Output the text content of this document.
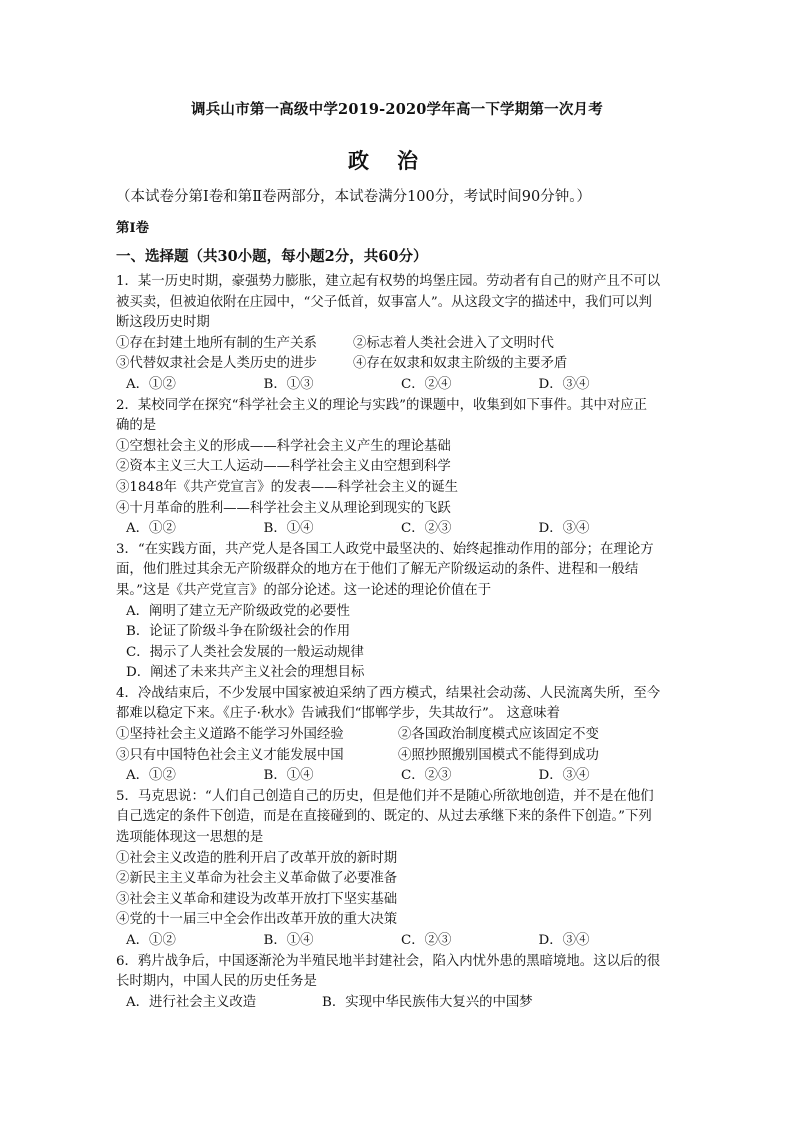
调兵山市第一高级中学2019-2020学年高一下学期第一次月考
政治
（本试卷分第Ⅰ卷和第Ⅱ卷两部分，本试卷满分100分，考试时间90分钟。）
第Ⅰ卷
一、选择题（共30小题，每小题2分，共60分）
1．某一历史时期，豪强势力膨胀，建立起有权势的坞堡庄园。劳动者有自己的财产且不可以
被买卖，但被迫依附在庄园中，“父子低首，奴事富人”。从这段文字的描述中，我们可以判
断这段历史时期
①存在封建土地所有制的生产关系	②标志着人类社会进入了文明时代
③代替奴隶社会是人类历史的进步	④存在奴隶和奴隶主阶级的主要矛盾
A．①②	B．①③	C．②④	D．③④
2．某校同学在探究“科学社会主义的理论与实践”的课题中，收集到如下事件。其中对应正
确的是
①空想社会主义的形成——科学社会主义产生的理论基础
②资本主义三大工人运动——科学社会主义由空想到科学
③1848年《共产党宣言》的发表——科学社会主义的诞生
④十月革命的胜利——科学社会主义从理论到现实的飞跃
A．①②	B．①④	C．②③	D．③④
3．“在实践方面，共产党人是各国工人政党中最坚决的、始终起推动作用的部分；在理论方
面，他们胜过其余无产阶级群众的地方在于他们了解无产阶级运动的条件、进程和一般结
果。”这是《共产党宣言》的部分论述。这一论述的理论价值在于
A．阐明了建立无产阶级政党的必要性
B．论证了阶级斗争在阶级社会的作用
C．揭示了人类社会发展的一般运动规律
D．阐述了未来共产主义社会的理想目标
4．冷战结束后，不少发展中国家被迫采纳了西方模式，结果社会动荡、人民流离失所，至今
都难以稳定下来。《庄子·秋水》告诫我们“邯郸学步，失其故行”。 这意味着
①坚持社会主义道路不能学习外国经验	②各国政治制度模式应该固定不变
③只有中国特色社会主义才能发展中国	④照抄照搬别国模式不能得到成功
A．①②	B．①④	C．②③	D．③④
5．马克思说：“人们自己创造自己的历史，但是他们并不是随心所欲地创造，并不是在他们
自己选定的条件下创造，而是在直接碰到的、既定的、从过去承继下来的条件下创造。”下列
选项能体现这一思想的是
①社会主义改造的胜利开启了改革开放的新时期
②新民主主义革命为社会主义革命做了必要准备
③社会主义革命和建设为改革开放打下坚实基础
④党的十一届三中全会作出改革开放的重大决策
A．①②	B．①④	C．②③	D．③④
6．鸦片战争后，中国逐渐沦为半殖民地半封建社会，陷入内忧外患的黑暗境地。这以后的很
长时期内，中国人民的历史任务是
A．进行社会主义改造	B．实现中华民族伟大复兴的中国梦
